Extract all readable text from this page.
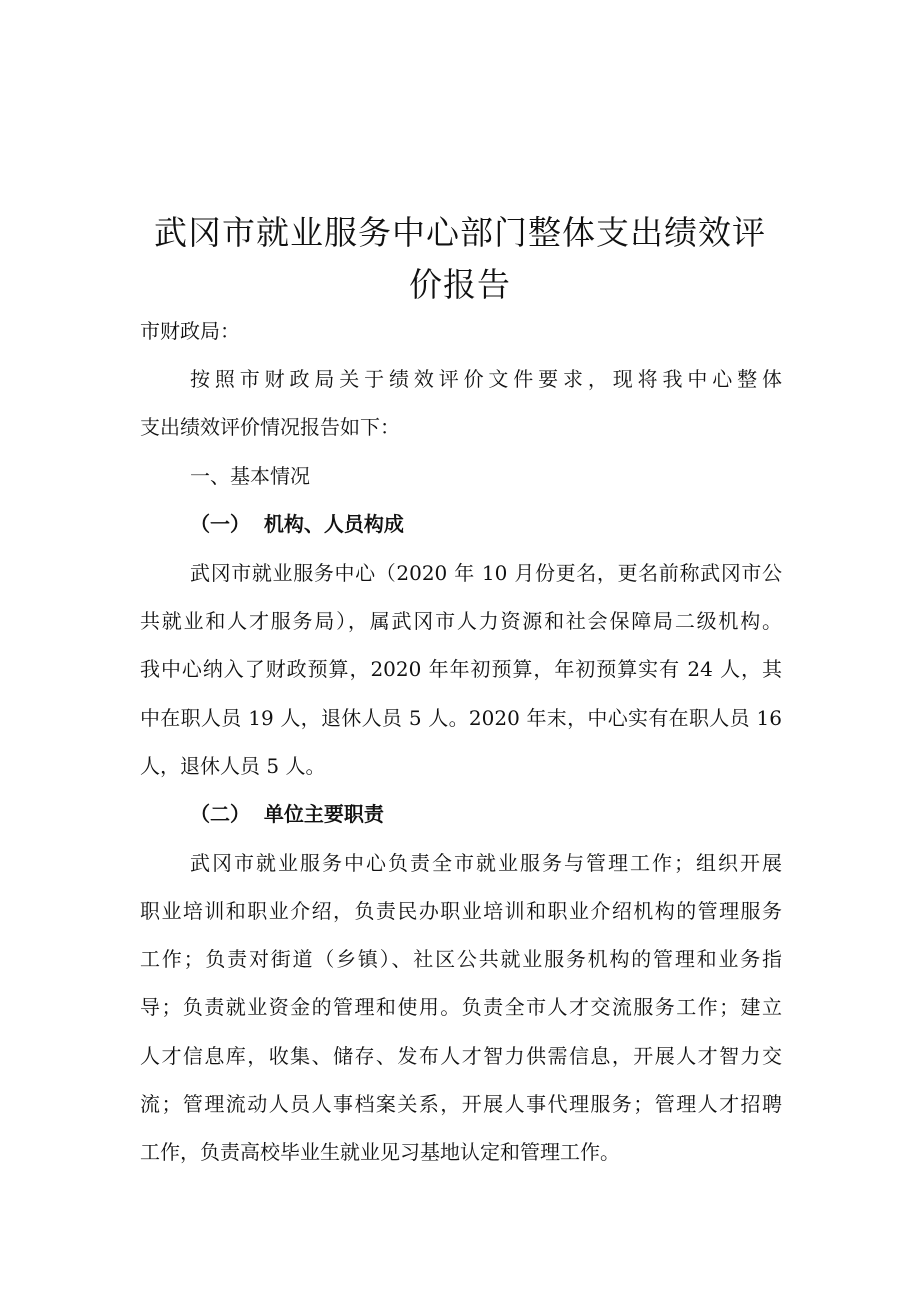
武冈市就业服务中心部门整体支出绩效评
价报告

市财政局：

按照市财政局关于绩效评价文件要求，现将我中心整体

支出绩效评价情况报告如下：

一、基本情况

（一）  机构、人员构成

武冈市就业服务中心（2020 年 10 月份更名，更名前称武冈市公

共就业和人才服务局），属武冈市人力资源和社会保障局二级机构。

我中心纳入了财政预算，2020 年年初预算，年初预算实有 24 人，其

中在职人员 19 人，退休人员 5 人。2020 年末，中心实有在职人员 16

人，退休人员 5 人。

（二）  单位主要职责

武冈市就业服务中心负责全市就业服务与管理工作；组织开展

职业培训和职业介绍，负责民办职业培训和职业介绍机构的管理服务

工作；负责对街道（乡镇）、社区公共就业服务机构的管理和业务指

导；负责就业资金的管理和使用。负责全市人才交流服务工作；建立

人才信息库，收集、储存、发布人才智力供需信息，开展人才智力交

流；管理流动人员人事档案关系，开展人事代理服务；管理人才招聘

工作，负责高校毕业生就业见习基地认定和管理工作。
